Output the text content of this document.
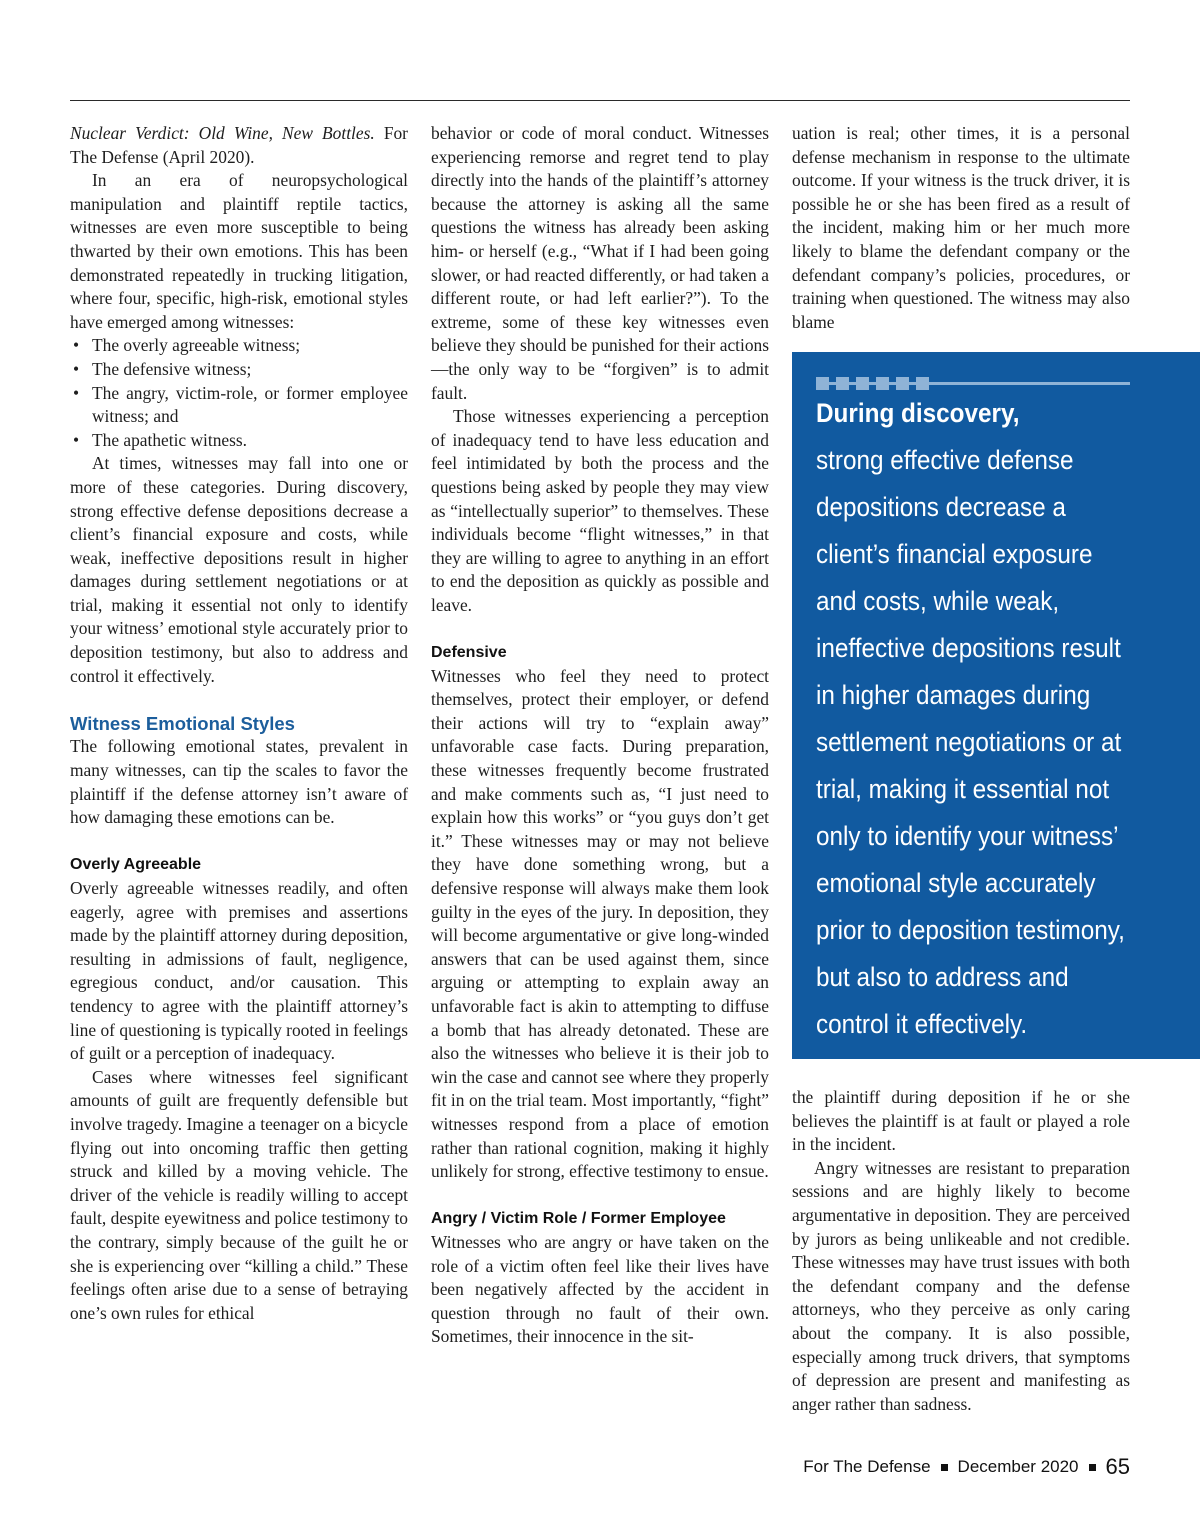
Nuclear Verdict: Old Wine, New Bottles. For The Defense (April 2020).

In an era of neuropsychological manipulation and plaintiff reptile tactics, witnesses are even more susceptible to being thwarted by their own emotions. This has been demonstrated repeatedly in trucking litigation, where four, specific, high-risk, emotional styles have emerged among witnesses:

• The overly agreeable witness;
• The defensive witness;
• The angry, victim-role, or former employee witness; and
• The apathetic witness.

At times, witnesses may fall into one or more of these categories. During discovery, strong effective defense depositions decrease a client’s financial exposure and costs, while weak, ineffective depositions result in higher damages during settlement negotiations or at trial, making it essential not only to identify your witness’ emotional style accurately prior to deposition testimony, but also to address and control it effectively.

Witness Emotional Styles

The following emotional states, prevalent in many witnesses, can tip the scales to favor the plaintiff if the defense attorney isn’t aware of how damaging these emotions can be.

Overly Agreeable

Overly agreeable witnesses readily, and often eagerly, agree with premises and assertions made by the plaintiff attorney during deposition, resulting in admissions of fault, negligence, egregious conduct, and/or causation. This tendency to agree with the plaintiff attorney’s line of questioning is typically rooted in feelings of guilt or a perception of inadequacy.

Cases where witnesses feel significant amounts of guilt are frequently defensible but involve tragedy. Imagine a teenager on a bicycle flying out into oncoming traffic then getting struck and killed by a moving vehicle. The driver of the vehicle is readily willing to accept fault, despite eyewitness and police testimony to the contrary, simply because of the guilt he or she is experiencing over “killing a child.” These feelings often arise due to a sense of betraying one’s own rules for ethical

behavior or code of moral conduct. Witnesses experiencing remorse and regret tend to play directly into the hands of the plaintiff’s attorney because the attorney is asking all the same questions the witness has already been asking him- or herself (e.g., “What if I had been going slower, or had reacted differently, or had taken a different route, or had left earlier?”). To the extreme, some of these key witnesses even believe they should be punished for their actions—the only way to be “forgiven” is to admit fault.

Those witnesses experiencing a perception of inadequacy tend to have less education and feel intimidated by both the process and the questions being asked by people they may view as “intellectually superior” to themselves. These individuals become “flight witnesses,” in that they are willing to agree to anything in an effort to end the deposition as quickly as possible and leave.

Defensive

Witnesses who feel they need to protect themselves, protect their employer, or defend their actions will try to “explain away” unfavorable case facts. During preparation, these witnesses frequently become frustrated and make comments such as, “I just need to explain how this works” or “you guys don’t get it.” These witnesses may or may not believe they have done something wrong, but a defensive response will always make them look guilty in the eyes of the jury. In deposition, they will become argumentative or give long-winded answers that can be used against them, since arguing or attempting to explain away an unfavorable fact is akin to attempting to diffuse a bomb that has already detonated. These are also the witnesses who believe it is their job to win the case and cannot see where they properly fit in on the trial team. Most importantly, “fight” witnesses respond from a place of emotion rather than rational cognition, making it highly unlikely for strong, effective testimony to ensue.

Angry / Victim Role / Former Employee

Witnesses who are angry or have taken on the role of a victim often feel like their lives have been negatively affected by the accident in question through no fault of their own. Sometimes, their innocence in the sit-

uation is real; other times, it is a personal defense mechanism in response to the ultimate outcome. If your witness is the truck driver, it is possible he or she has been fired as a result of the incident, making him or her much more likely to blame the defendant company or the defendant company’s policies, procedures, or training when questioned. The witness may also blame

During discovery,
strong effective defense
depositions decrease a
client’s financial exposure
and costs, while weak,
ineffective depositions result
in higher damages during
settlement negotiations or at
trial, making it essential not
only to identify your witness’
emotional style accurately
prior to deposition testimony,
but also to address and
control it effectively.

the plaintiff during deposition if he or she believes the plaintiff is at fault or played a role in the incident.

Angry witnesses are resistant to preparation sessions and are highly likely to become argumentative in deposition. They are perceived by jurors as being unlikeable and not credible. These witnesses may have trust issues with both the defendant company and the defense attorneys, who they perceive as only caring about the company. It is also possible, especially among truck drivers, that symptoms of depression are present and manifesting as anger rather than sadness.

For The Defense December 2020 65
